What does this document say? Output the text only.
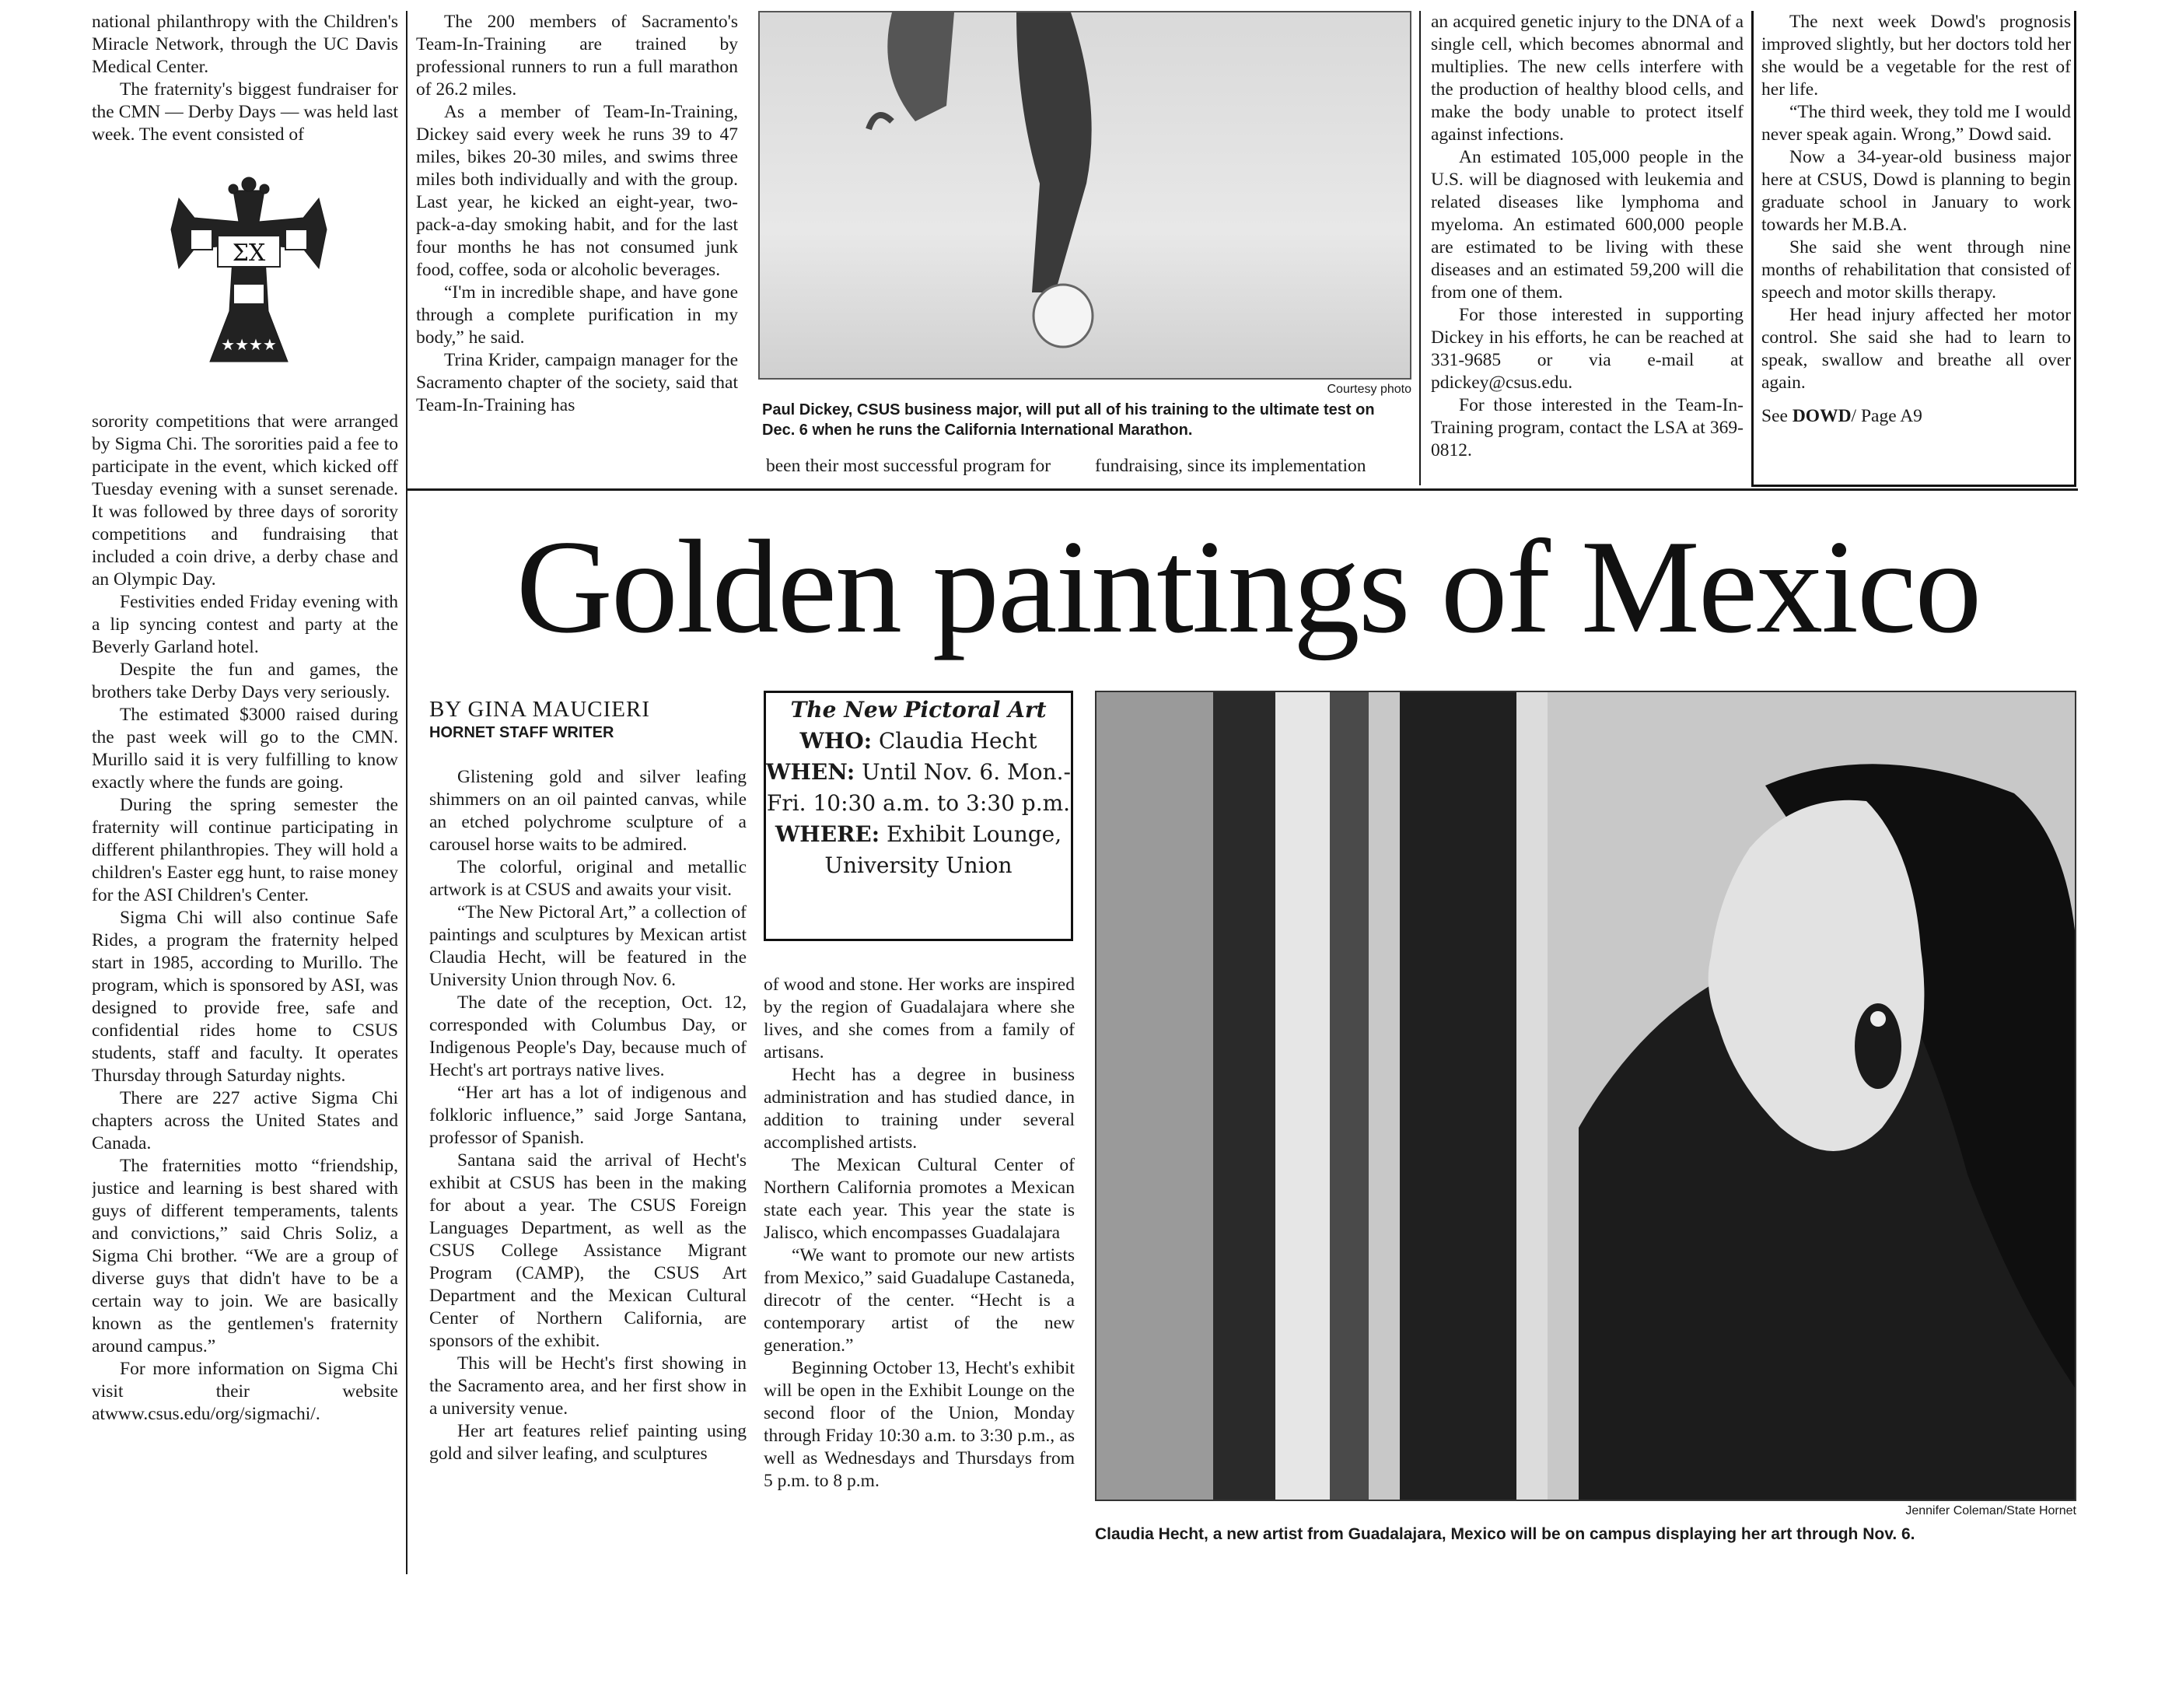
national philanthropy with the Children's Miracle Network, through the UC Davis Medical Center.

The fraternity's biggest fundraiser for the CMN — Derby Days — was held last week. The event consisted of

ΣΧ
★★★★

sorority competitions that were arranged by Sigma Chi. The sororities paid a fee to participate in the event, which kicked off Tuesday evening with a sunset serenade. It was followed by three days of sorority competitions and fundraising that included a coin drive, a derby chase and an Olympic Day.

Festivities ended Friday evening with a lip syncing contest and party at the Beverly Garland hotel.

Despite the fun and games, the brothers take Derby Days very seriously.

The estimated $3000 raised during the past week will go to the CMN. Murillo said it is very fulfilling to know exactly where the funds are going.

During the spring semester the fraternity will continue participating in different philanthropies. They will hold a children's Easter egg hunt, to raise money for the ASI Children's Center.

Sigma Chi will also continue Safe Rides, a program the fraternity helped start in 1985, according to Murillo. The program, which is sponsored by ASI, was designed to provide free, safe and confidential rides home to CSUS students, staff and faculty. It operates Thursday through Saturday nights.

There are 227 active Sigma Chi chapters across the United States and Canada.

The fraternities motto “friendship, justice and learning is best shared with guys of different temperaments, talents and convictions,” said Chris Soliz, a Sigma Chi brother. “We are a group of diverse guys that didn't have to be a certain way to join. We are basically known as the gentlemen's fraternity around campus.”

For more information on Sigma Chi visit their website atwww.csus.edu/org/sigmachi/.

The 200 members of Sacramento's Team-In-Training are trained by professional runners to run a full marathon of 26.2 miles.

As a member of Team-In-Training, Dickey said every week he runs 39 to 47 miles, bikes 20-30 miles, and swims three miles both individually and with the group. Last year, he kicked an eight-year, two-pack-a-day smoking habit, and for the last four months he has not consumed junk food, coffee, soda or alcoholic beverages.

“I'm in incredible shape, and have gone through a complete purification in my body,” he said.

Trina Krider, campaign manager for the Sacramento chapter of the society, said that Team-In-Training has

Courtesy photo
Paul Dickey, CSUS business major, will put all of his training to the ultimate test on Dec. 6 when he runs the California International Marathon.
been their most successful program for	fundraising, since its implementation

an acquired genetic injury to the DNA of a single cell, which becomes abnormal and multiplies. The new cells interfere with the production of healthy blood cells, and make the body unable to protect itself against infections.

An estimated 105,000 people in the U.S. will be diagnosed with leukemia and related diseases like lymphoma and myeloma. An estimated 600,000 people are estimated to be living with these diseases and an estimated 59,200 will die from one of them.

For those interested in supporting Dickey in his efforts, he can be reached at 331-9685 or via e-mail at pdickey@csus.edu.

For those interested in the Team-In-Training program, contact the LSA at 369-0812.

The next week Dowd's prognosis improved slightly, but her doctors told her she would be a vegetable for the rest of her life.

“The third week, they told me I would never speak again. Wrong,” Dowd said.

Now a 34-year-old business major here at CSUS, Dowd is planning to begin graduate school in January to work towards her M.B.A.

She said she went through nine months of rehabilitation that consisted of speech and motor skills therapy.

Her head injury affected her motor control. She said she had to learn to speak, swallow and breathe all over again.

See DOWD/ Page A9

Golden paintings of Mexico
BY GINA MAUCIERI
HORNET STAFF WRITER

Glistening gold and silver leafing shimmers on an oil painted canvas, while an etched polychrome sculpture of a carousel horse waits to be admired.

The colorful, original and metallic artwork is at CSUS and awaits your visit.

“The New Pictoral Art,” a collection of paintings and sculptures by Mexican artist Claudia Hecht, will be featured in the University Union through Nov. 6.

The date of the reception, Oct. 12, corresponded with Columbus Day, or Indigenous People's Day, because much of Hecht's art portrays native lives.

“Her art has a lot of indigenous and folkloric influence,” said Jorge Santana, professor of Spanish.

Santana said the arrival of Hecht's exhibit at CSUS has been in the making for about a year. The CSUS Foreign Languages Department, as well as the CSUS College Assistance Migrant Program (CAMP), the CSUS Art Department and the Mexican Cultural Center of Northern California, are sponsors of the exhibit.

This will be Hecht's first showing in the Sacramento area, and her first show in a university venue.

Her art features relief painting using gold and silver leafing, and sculptures

The New Pictoral Art
WHO: Claudia Hecht
WHEN: Until Nov. 6. Mon.-Fri. 10:30 a.m. to 3:30 p.m.
WHERE: Exhibit Lounge, University Union

of wood and stone. Her works are inspired by the region of Guadalajara where she lives, and she comes from a family of artisans.

Hecht has a degree in business administration and has studied dance, in addition to training under several accomplished artists.

The Mexican Cultural Center of Northern California promotes a Mexican state each year. This year the state is Jalisco, which encompasses Guadalajara

“We want to promote our new artists from Mexico,” said Guadalupe Castaneda, direcotr of the center. “Hecht is a contemporary artist of the new generation.”

Beginning October 13, Hecht's exhibit will be open in the Exhibit Lounge on the second floor of the Union, Monday through Friday 10:30 a.m. to 3:30 p.m., as well as Wednesdays and Thursdays from 5 p.m. to 8 p.m.

Jennifer Coleman/State Hornet
Claudia Hecht, a new artist from Guadalajara, Mexico will be on campus displaying her art through Nov. 6.
